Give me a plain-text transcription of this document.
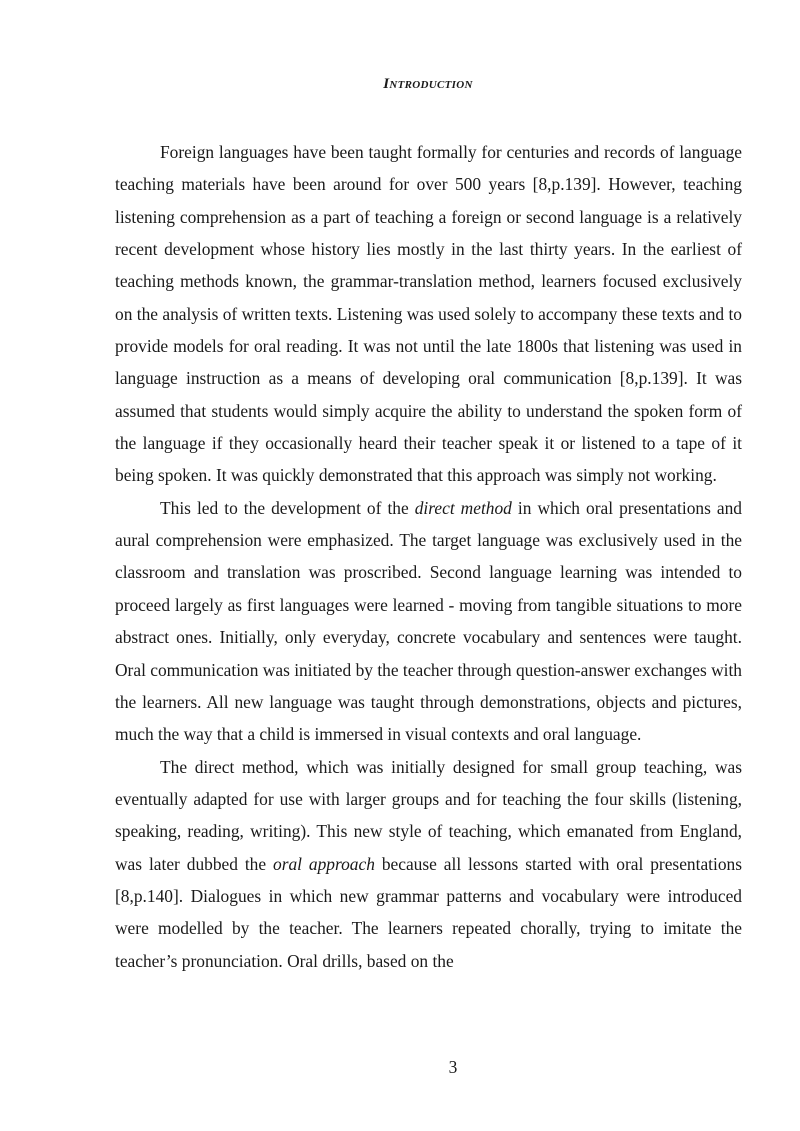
Introduction

Foreign languages have been taught formally for centuries and records of language teaching materials have been around for over 500 years [8,p.139]. However, teaching listening comprehension as a part of teaching a foreign or second language is a relatively recent development whose history lies mostly in the last thirty years. In the earliest of teaching methods known, the grammar-translation method, learners focused exclusively on the analysis of written texts. Listening was used solely to accompany these texts and to provide models for oral reading. It was not until the late 1800s that listening was used in language instruction as a means of developing oral communication [8,p.139]. It was assumed that students would simply acquire the ability to understand the spoken form of the language if they occasionally heard their teacher speak it or listened to a tape of it being spoken. It was quickly demonstrated that this approach was simply not working.

This led to the development of the direct method in which oral presentations and aural comprehension were emphasized. The target language was exclusively used in the classroom and translation was proscribed. Second language learning was intended to proceed largely as first languages were learned - moving from tangible situations to more abstract ones. Initially, only everyday, concrete vocabulary and sentences were taught. Oral communication was initiated by the teacher through question-answer exchanges with the learners. All new language was taught through demonstrations, objects and pictures, much the way that a child is immersed in visual contexts and oral language.

The direct method, which was initially designed for small group teaching, was eventually adapted for use with larger groups and for teaching the four skills (listening, speaking, reading, writing). This new style of teaching, which emanated from England, was later dubbed the oral approach because all lessons started with oral presentations [8,p.140]. Dialogues in which new grammar patterns and vocabulary were introduced were modelled by the teacher. The learners repeated chorally, trying to imitate the teacher’s pronunciation. Oral drills, based on the

3
